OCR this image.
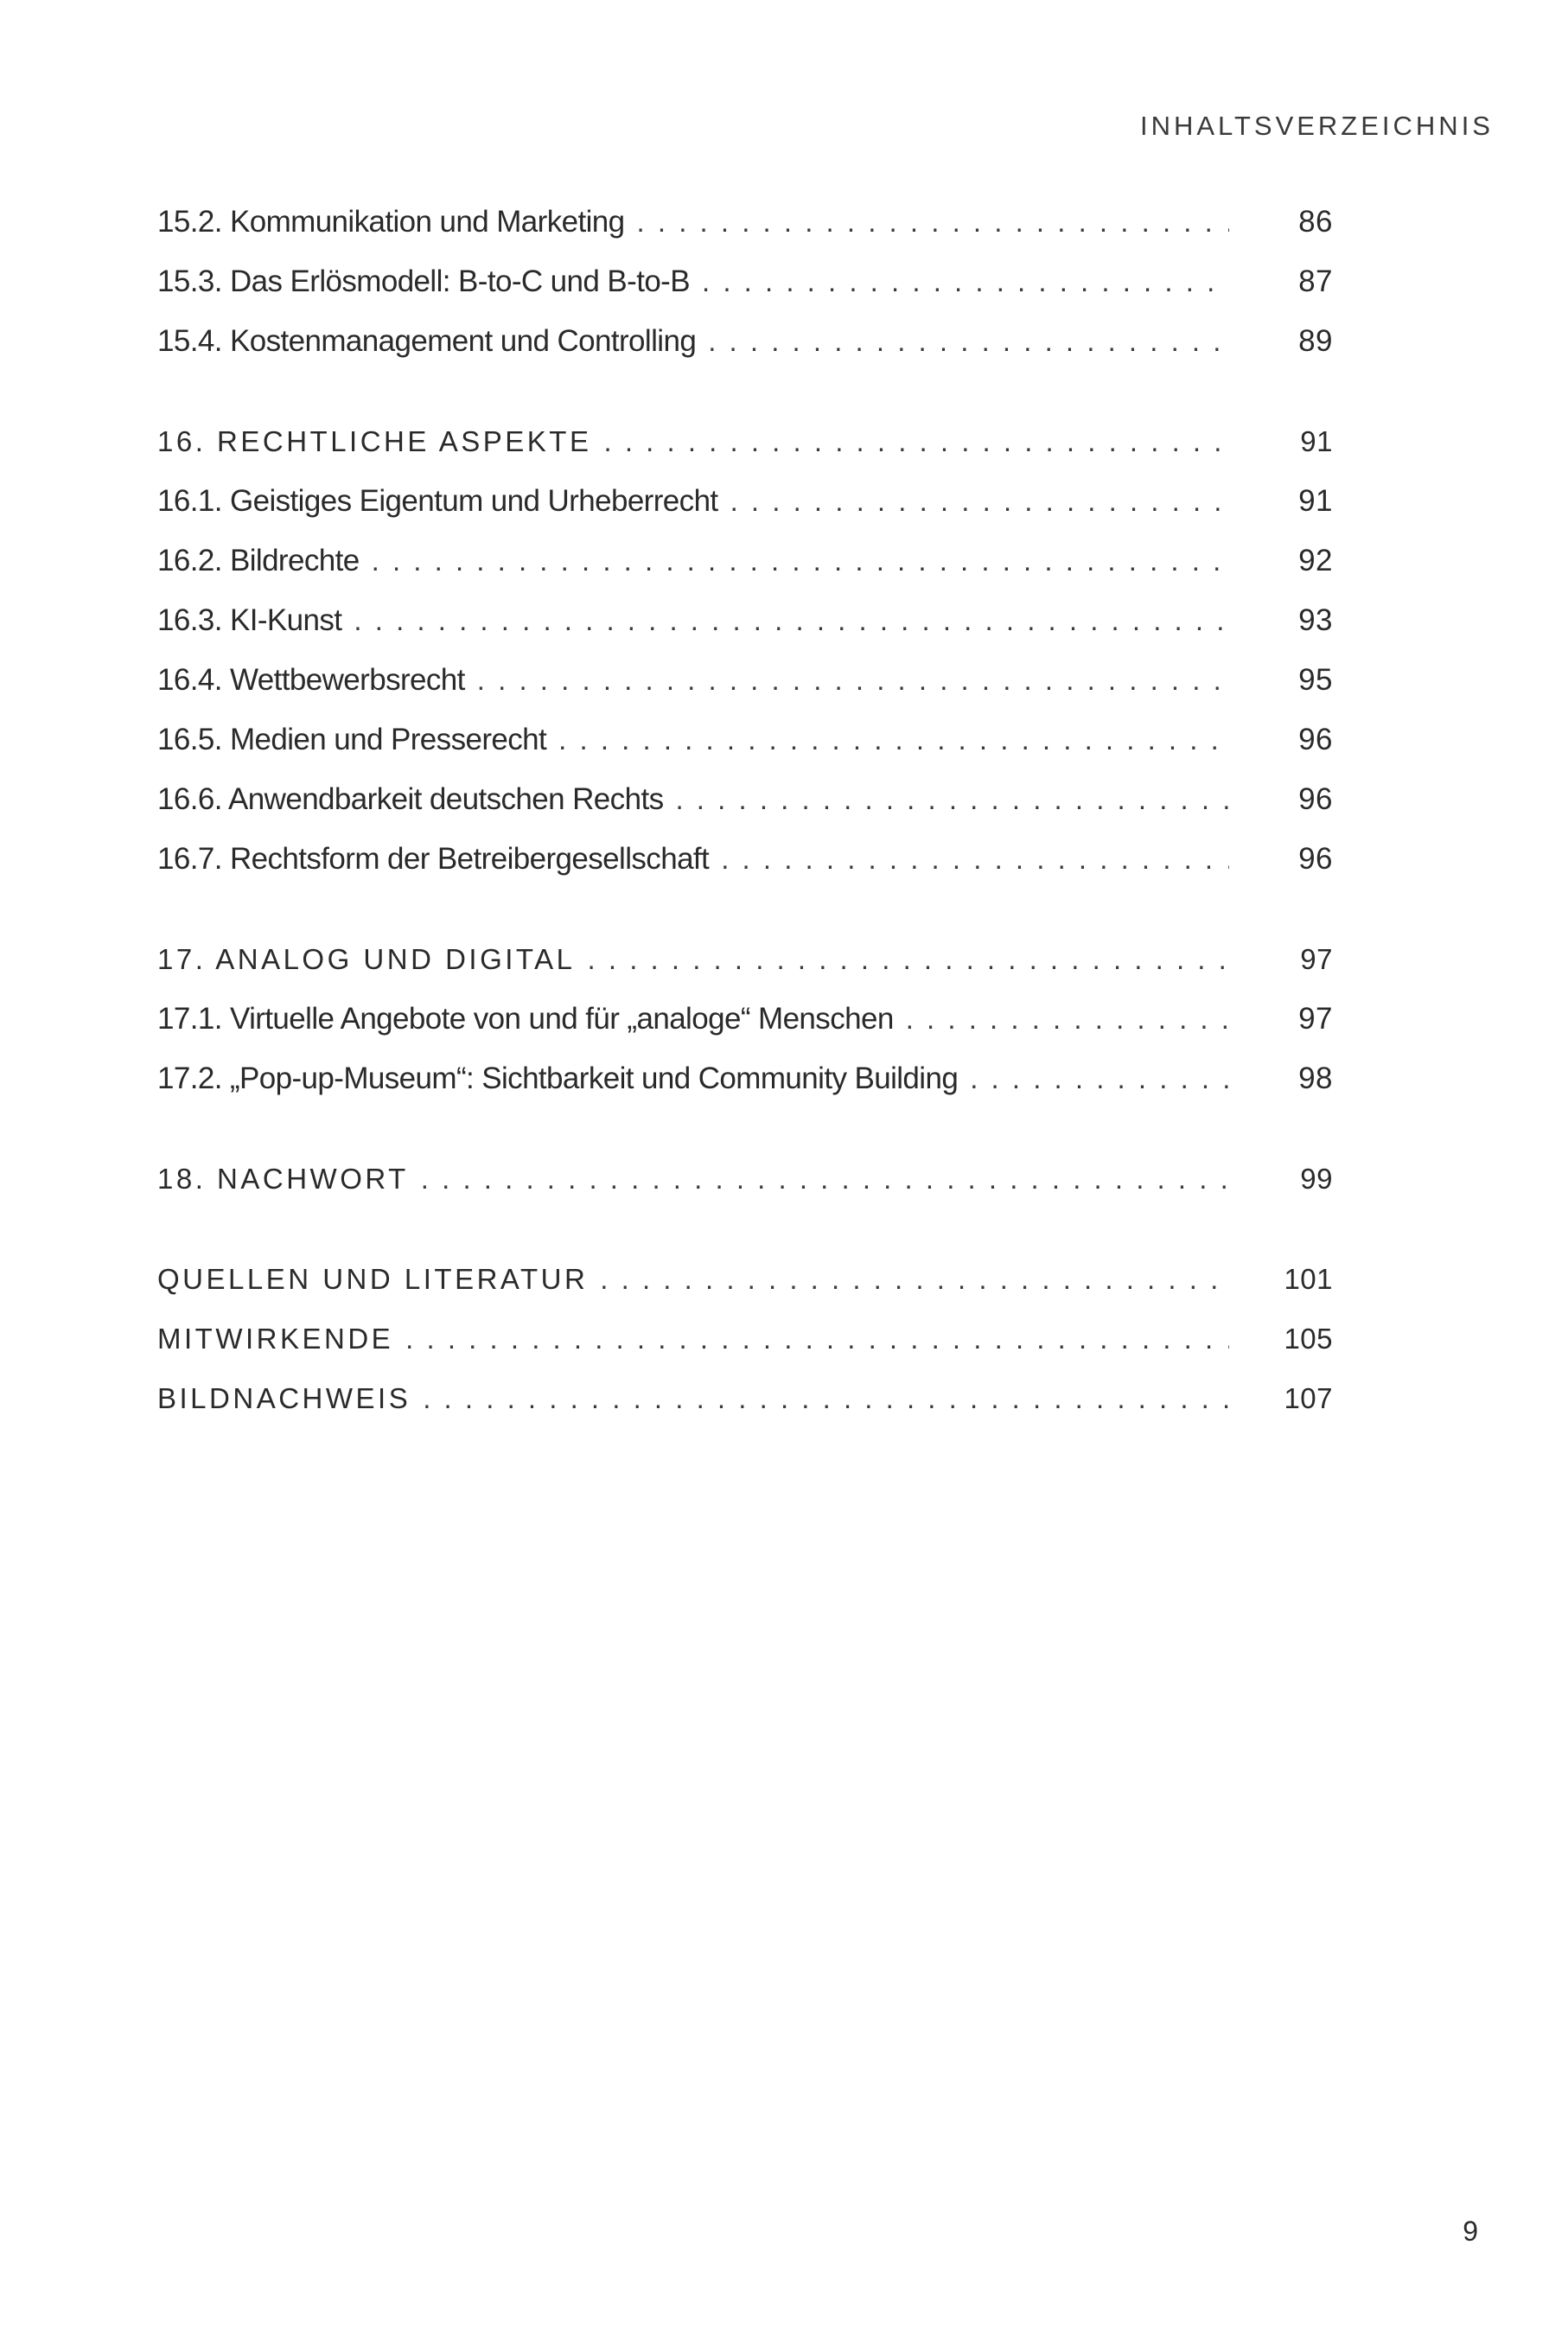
INHALTSVERZEICHNIS
15.2. Kommunikation und Marketing . . .	86
15.3. Das Erlösmodell: B-to-C und B-to-B . . .	87
15.4. Kostenmanagement und Controlling . . .	89
16. RECHTLICHE ASPEKTE . . .	91
16.1. Geistiges Eigentum und Urheberrecht . . .	91
16.2. Bildrechte . . .	92
16.3. KI-Kunst . . .	93
16.4. Wettbewerbsrecht . . .	95
16.5. Medien und Presserecht . . .	96
16.6. Anwendbarkeit deutschen Rechts . . .	96
16.7. Rechtsform der Betreibergesellschaft . . .	96
17. ANALOG UND DIGITAL . . .	97
17.1. Virtuelle Angebote von und für „analoge“ Menschen . . .	97
17.2. „Pop-up-Museum“: Sichtbarkeit und Community Building . . .	98
18. NACHWORT . . .	99
QUELLEN UND LITERATUR . . .	101
MITWIRKENDE . . .	105
BILDNACHWEIS . . .	107
9
